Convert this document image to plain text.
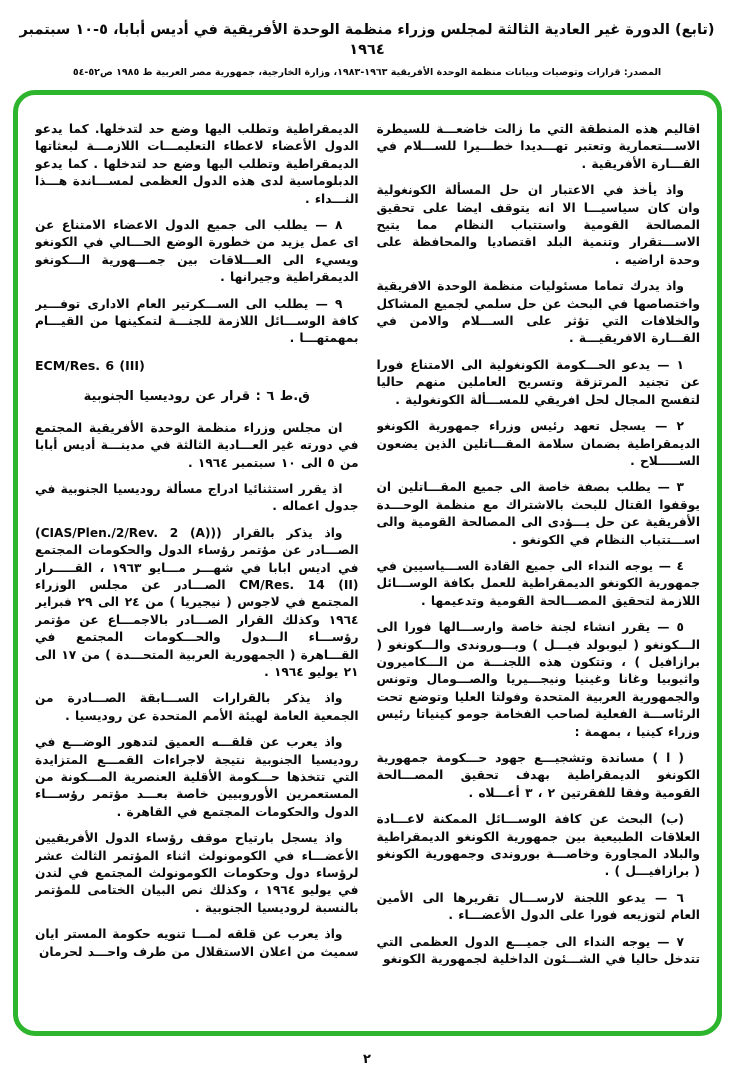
(تابع) الدورة غير العادية الثالثة لمجلس وزراء منظمة الوحدة الأفريقية في أديس أبابا، ٥-١٠ سبتمبر ١٩٦٤
المصدر: قرارات وتوصيات وبيانات منظمة الوحدة الأفريقية ١٩٦٣-١٩٨٣، وزارة الخارجية، جمهورية مصر العربية ط ١٩٨٥ ص٥٢-٥٤

اقاليم هذه المنطقة التي ما زالت خاضعـــة للسيطرة الاســـتعمارية وتعتبر تهـــديدا خطـــيرا للســـلام في القـــارة الأفريقية .

واذ يأخذ في الاعتبار ان حل المسألة الكونغولية وان كان سياسيـــا الا انه يتوقف ايضا على تحقيق المصالحة القومية واستتباب النظام مما يتيح الاســـتقرار وتنمية البلد اقتصاديا والمحافظة على وحدة اراضيه .

واذ يدرك تماما مسئوليات منظمة الوحدة الافريقية واختصاصها في البحث عن حل سلمي لجميع المشاكل والخلافات التي تؤثر على الســـلام والامن في القـــارة الافريقيـــة .

١ — يدعو الحـــكومة الكونغولية الى الامتناع فورا عن تجنيد المرتزقة وتسريح العاملين منهم حاليا لتفسح المجال لحل افريقي للمســـألة الكونغولية .

٢ — يسجل تعهد رئيس وزراء جمهورية الكونغو الديمقراطية بضمان سلامة المقـــاتلين الذين يضعون الســـــلاح .

٣ — يطلب بصفة خاصة الى جميع المقـــاتلين ان يوقفوا القتال للبحث بالاشتراك مع منظمة الوحـــدة الأفريقية عن حل يـــؤدى الى المصالحة القومية والى اســـتتباب النظام في الكونغو .

٤ — يوجه النداء الى جميع القادة الســـياسيين في جمهورية الكونغو الديمقراطية للعمل بكافة الوســـائل اللازمة لتحقيق المصـــالحة القومية وتدعيمها .

٥ — يقرر انشاء لجنة خاصة وارســـالها فورا الى الـــكونغو ( ليوبولد فيـــل ) وبـــوروندى والـــكونغو ( برازافيل ) ، وتتكون هذه اللجنـــة من الـــكاميرون واثيوبيا وغانا وغينيا ونيجـــيريا والصـــومال وتونس والجمهورية العربية المتحدة وفولتا العليا وتوضع تحت الرئاســـة الفعلية لصاحب الفخامة جومو كينياتا رئيس وزراء كينيا ، بمهمة :

( ا ) مساندة وتشجيـــع جهود حـــكومة جمهورية الكونغو الديمقراطية بهدف تحقيق المصـــالحة القومية وفقا للفقرتين ٢ ، ٣ أعـــلاه .

(ب) البحث عن كافة الوســـائل الممكنة لاعـــادة العلاقات الطبيعية بين جمهورية الكونغو الديمقراطية والبلاد المجاورة وخاصـــة بوروندى وجمهورية الكونغو ( برازافيـــل ) .

٦ — يدعو اللجنة لارســـال تقريرها الى الأمين العام لتوزيعه فورا على الدول الأعضـــاء .

٧ — يوجه النداء الى جميـــع الدول العظمى التي تتدخل حاليا في الشـــئون الداخلية لجمهورية الكونغو

الديمقراطية وتطلب اليها وضع حد لتدخلها. كما يدعو الدول الأعضاء لاعطاء التعليمـــات اللازمـــة لبعثاتها الديمقراطية وتطلب اليها وضع حد لتدخلها . كما يدعو الدبلوماسية لدى هذه الدول العظمى لمســـاندة هـــذا النـــداء .

٨ — يطلب الى جميع الدول الاعضاء الامتناع عن اى عمل يزيد من خطورة الوضع الحـــالي في الكونغو ويسيء الى العـــلاقات بين جمـــهورية الـــكونغو الديمقراطية وجيرانها .

٩ — يطلب الى الســـكرتير العام الادارى توفـــير كافة الوســـائل اللازمة للجنـــة لتمكينها من القيـــام بمهمتهـــا .

ECM/Res. 6 (III)

ق.ط ٦ : قرار عن روديسيا الجنوبية

ان مجلس وزراء منظمة الوحدة الأفريقية المجتمع في دورته غير العـــادية الثالثة في مدينـــة أديس أبابا من ٥ الى ١٠ سبتمبر ١٩٦٤ .

اذ يقرر استثنائيا ادراج مسألة روديسيا الجنوبية في جدول اعماله .

واذ يذكر بالقرار ((CIAS/Plen./2/Rev. 2 (A)) الصـــادر عن مؤتمر رؤساء الدول والحكومات المجتمع في اديس ابابا في شهـــر مـــايو ١٩٦٣ ، القـــــرار CM/Res. 14 (II) الصـــادر عن مجلس الوزراء المجتمع في لاجوس ( نيجيريا ) من ٢٤ الى ٢٩ فبراير ١٩٦٤ وكذلك القرار الصـــادر بالاجمـــاع عن مؤتمر رؤســـاء الـــدول والحـــكومات المجتمع في القـــاهرة ( الجمهورية العربية المتحـــدة ) من ١٧ الى ٢١ يوليو ١٩٦٤ .

واذ يذكر بالقرارات الســـابقة الصـــادرة من الجمعية العامة لهيئة الأمم المتحدة عن روديسيا .

واذ يعرب عن قلقـــه العميق لتدهور الوضـــع في روديسيا الجنوبية نتيجة لاجراءات القمـــع المتزايدة التي تتخذها حـــكومة الأقلية العنصرية المـــكونة من المستعمرين الأوروبيين خاصة بعـــد مؤتمر رؤســـاء الدول والحكومات المجتمع في القاهرة .

واذ يسجل بارتياح موقف رؤساء الدول الأفريقيين الأعضـــاء في الكومونولث اثناء المؤتمر الثالث عشر لرؤساء دول وحكومات الكومونولث المجتمع في لندن في يوليو ١٩٦٤ ، وكذلك نص البيان الختامى للمؤتمر بالنسبة لروديسيا الجنوبية .

واذ يعرب عن قلقه لمـــا تنويه حكومة المستر ايان سميث من اعلان الاستقلال من طرف واحـــد لحرمان

٢
